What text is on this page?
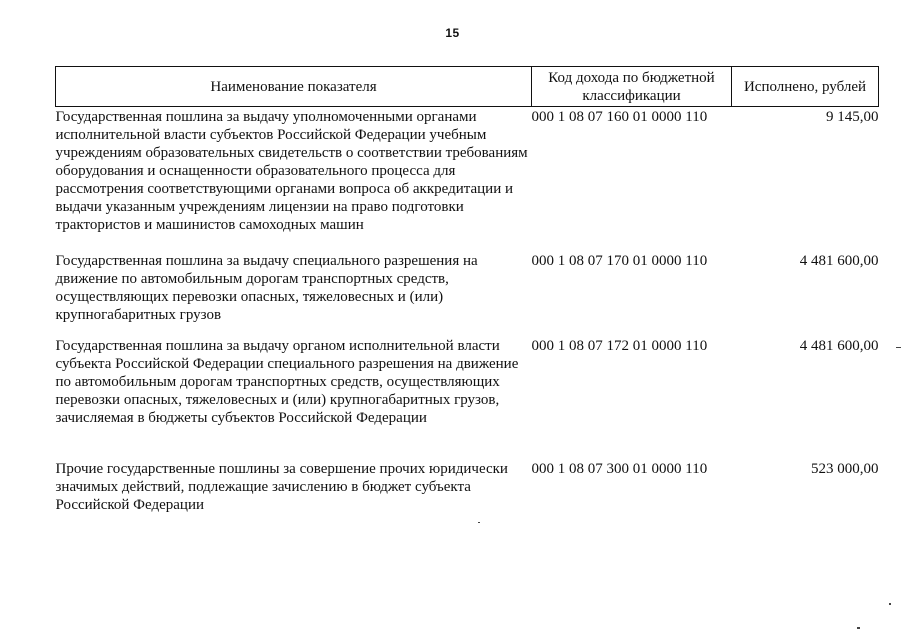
15
Наименование показателя	Код дохода по бюджетной классификации	Исполнено, рублей
Государственная пошлина за выдачу уполномоченными органами исполнительной власти субъектов Российской Федерации учебным учреждениям образовательных свидетельств о соответствии требованиям оборудования и оснащенности образовательного процесса для рассмотрения соответствующими органами вопроса об аккредитации и выдачи указанным учреждениям лицензии на право подготовки трактористов и машинистов самоходных машин	000 1 08 07 160 01 0000 110	9 145,00
Государственная пошлина за выдачу специального разрешения на движение по автомобильным дорогам транспортных средств, осуществляющих перевозки опасных, тяжеловесных и (или) крупногабаритных грузов	000 1 08 07 170 01 0000 110	4 481 600,00
Государственная пошлина за выдачу органом исполнительной власти субъекта Российской Федерации специального разрешения на движение по автомобильным дорогам транспортных средств, осуществляющих перевозки опасных, тяжеловесных и (или) крупногабаритных грузов, зачисляемая в бюджеты субъектов Российской Федерации	000 1 08 07 172 01 0000 110	4 481 600,00
Прочие государственные пошлины за совершение прочих юридически значимых действий, подлежащие зачислению в бюджет субъекта Российской Федерации	000 1 08 07 300 01 0000 110	523 000,00
